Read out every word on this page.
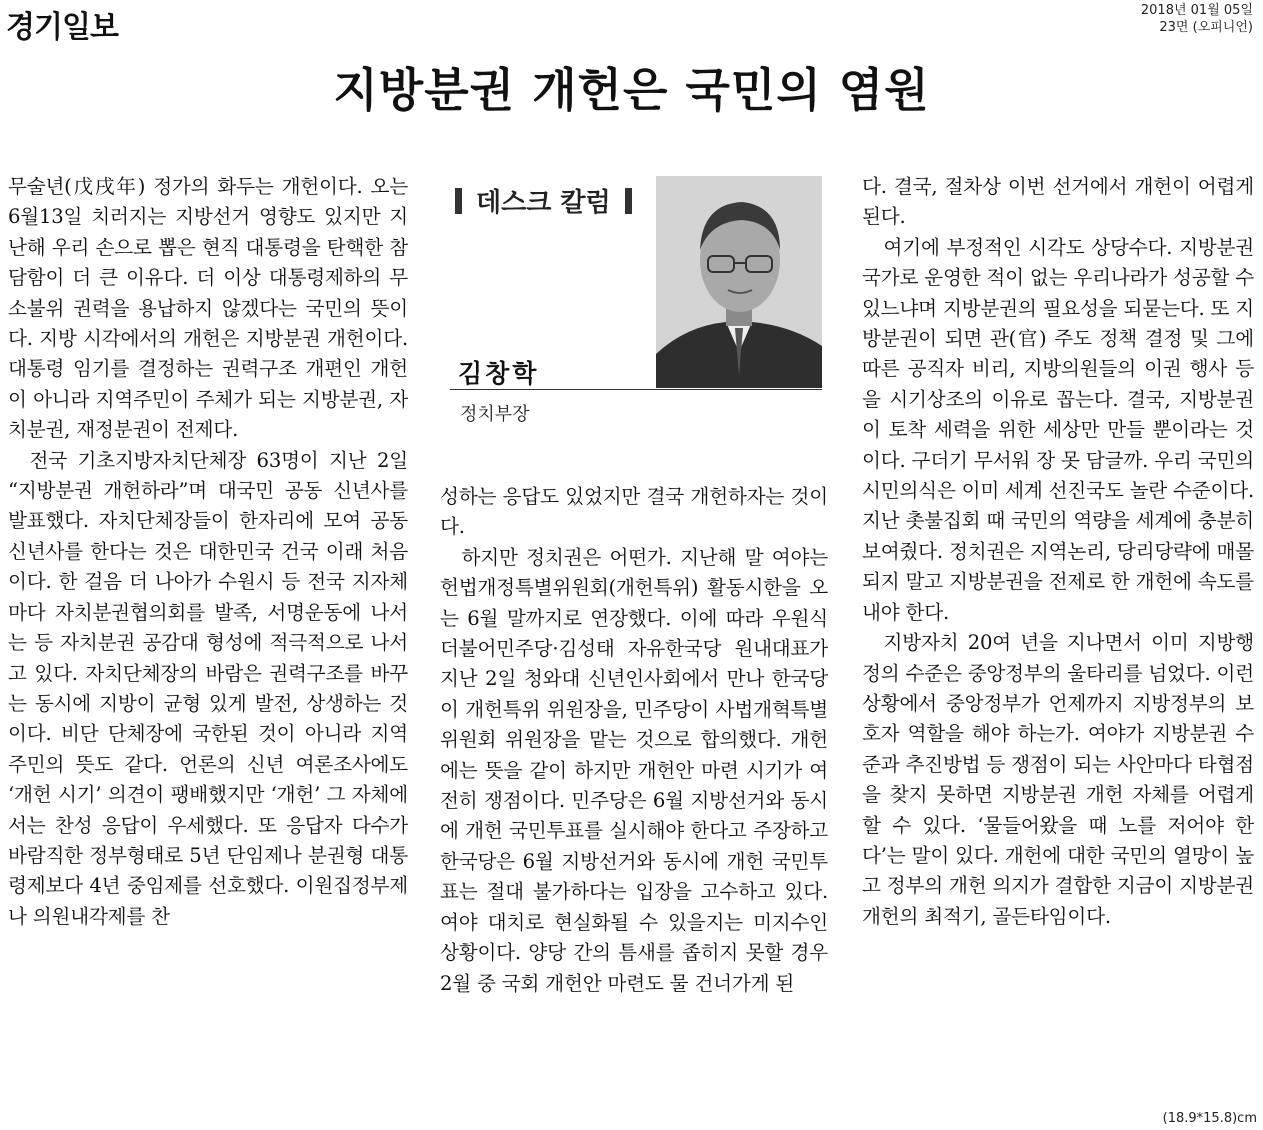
경기일보	2018년 01월 05일
23면 (오피니언)
지방분권 개헌은 국민의 염원

무술년(戊戌年) 정가의 화두는 개헌이다. 오는 6월13일 치러지는 지방선거 영향도 있지만 지난해 우리 손으로 뽑은 현직 대통령을 탄핵한 참담함이 더 큰 이유다. 더 이상 대통령제하의 무소불위 권력을 용납하지 않겠다는 국민의 뜻이다. 지방 시각에서의 개헌은 지방분권 개헌이다. 대통령 임기를 결정하는 권력구조 개편인 개헌이 아니라 지역주민이 주체가 되는 지방분권, 자치분권, 재정분권이 전제다.

전국 기초지방자치단체장 63명이 지난 2일 “지방분권 개헌하라”며 대국민 공동 신년사를 발표했다. 자치단체장들이 한자리에 모여 공동 신년사를 한다는 것은 대한민국 건국 이래 처음이다. 한 걸음 더 나아가 수원시 등 전국 지자체마다 자치분권협의회를 발족, 서명운동에 나서는 등 자치분권 공감대 형성에 적극적으로 나서고 있다. 자치단체장의 바람은 권력구조를 바꾸는 동시에 지방이 균형 있게 발전, 상생하는 것이다. 비단 단체장에 국한된 것이 아니라 지역 주민의 뜻도 같다. 언론의 신년 여론조사에도 ‘개헌 시기’ 의견이 팽배했지만 ‘개헌’ 그 자체에서는 찬성 응답이 우세했다. 또 응답자 다수가 바람직한 정부형태로 5년 단임제나 분권형 대통령제보다 4년 중임제를 선호했다. 이원집정부제나 의원내각제를 찬

데스크 칼럼
김창학
정치부장

성하는 응답도 있었지만 결국 개헌하자는 것이다.

하지만 정치권은 어떤가. 지난해 말 여야는 헌법개정특별위원회(개헌특위) 활동시한을 오는 6월 말까지로 연장했다. 이에 따라 우원식 더불어민주당·김성태 자유한국당 원내대표가 지난 2일 청와대 신년인사회에서 만나 한국당이 개헌특위 위원장을, 민주당이 사법개혁특별위원회 위원장을 맡는 것으로 합의했다. 개헌에는 뜻을 같이 하지만 개헌안 마련 시기가 여전히 쟁점이다. 민주당은 6월 지방선거와 동시에 개헌 국민투표를 실시해야 한다고 주장하고 한국당은 6월 지방선거와 동시에 개헌 국민투표는 절대 불가하다는 입장을 고수하고 있다. 여야 대치로 현실화될 수 있을지는 미지수인 상황이다. 양당 간의 틈새를 좁히지 못할 경우 2월 중 국회 개헌안 마련도 물 건너가게 된

다. 결국, 절차상 이번 선거에서 개헌이 어렵게 된다.

여기에 부정적인 시각도 상당수다. 지방분권 국가로 운영한 적이 없는 우리나라가 성공할 수 있느냐며 지방분권의 필요성을 되묻는다. 또 지방분권이 되면 관(官) 주도 정책 결정 및 그에 따른 공직자 비리, 지방의원들의 이권 행사 등을 시기상조의 이유로 꼽는다. 결국, 지방분권이 토착 세력을 위한 세상만 만들 뿐이라는 것이다. 구더기 무서워 장 못 담글까. 우리 국민의 시민의식은 이미 세계 선진국도 놀란 수준이다. 지난 촛불집회 때 국민의 역량을 세계에 충분히 보여줬다. 정치권은 지역논리, 당리당략에 매몰되지 말고 지방분권을 전제로 한 개헌에 속도를 내야 한다.

지방자치 20여 년을 지나면서 이미 지방행정의 수준은 중앙정부의 울타리를 넘었다. 이런 상황에서 중앙정부가 언제까지 지방정부의 보호자 역할을 해야 하는가. 여야가 지방분권 수준과 추진방법 등 쟁점이 되는 사안마다 타협점을 찾지 못하면 지방분권 개헌 자체를 어렵게 할 수 있다. ‘물들어왔을 때 노를 저어야 한다’는 말이 있다. 개헌에 대한 국민의 열망이 높고 정부의 개헌 의지가 결합한 지금이 지방분권 개헌의 최적기, 골든타임이다.

(18.9*15.8)cm
